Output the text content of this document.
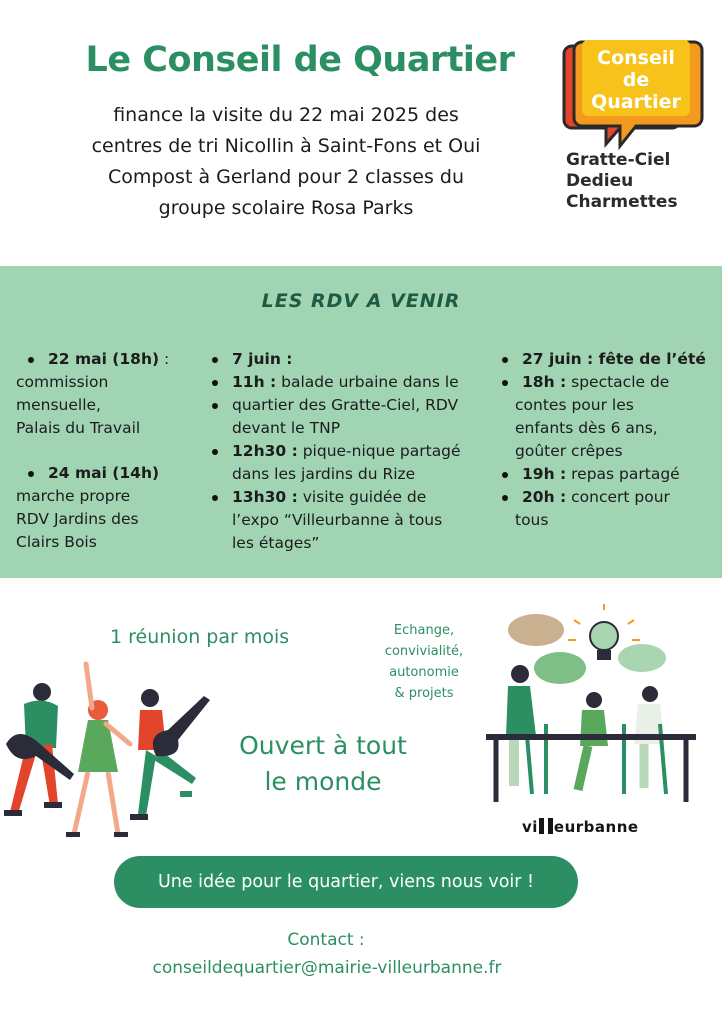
Le Conseil de Quartier
finance la visite du 22 mai 2025 des
centres de tri Nicollin à Saint-Fons et Oui
Compost à Gerland pour 2 classes du
groupe scolaire Rosa Parks
Conseil
de
Quartier
Gratte-Ciel
Dedieu
Charmettes
LES RDV A VENIR
22 mai (18h) :
commission
mensuelle,
Palais du Travail
24 mai (14h)
marche propre
RDV Jardins des
Clairs Bois
7 juin :
11h : balade urbaine dans le
quartier des Gratte-Ciel, RDV
devant le TNP
12h30 : pique-nique partagé
dans les jardins du Rize
13h30 : visite guidée de
l’expo “Villeurbanne à tous
les étages”
27 juin : fête de l’été
18h : spectacle de
contes pour les
enfants dès 6 ans,
goûter crêpes
19h : repas partagé
20h : concert pour
tous
1 réunion par mois	Echange,
convivialité,
autonomie
& projets
Ouvert à tout
le monde
vi eurbanne
Une idée pour le quartier, viens nous voir !
Contact :
conseildequartier@mairie-villeurbanne.fr
